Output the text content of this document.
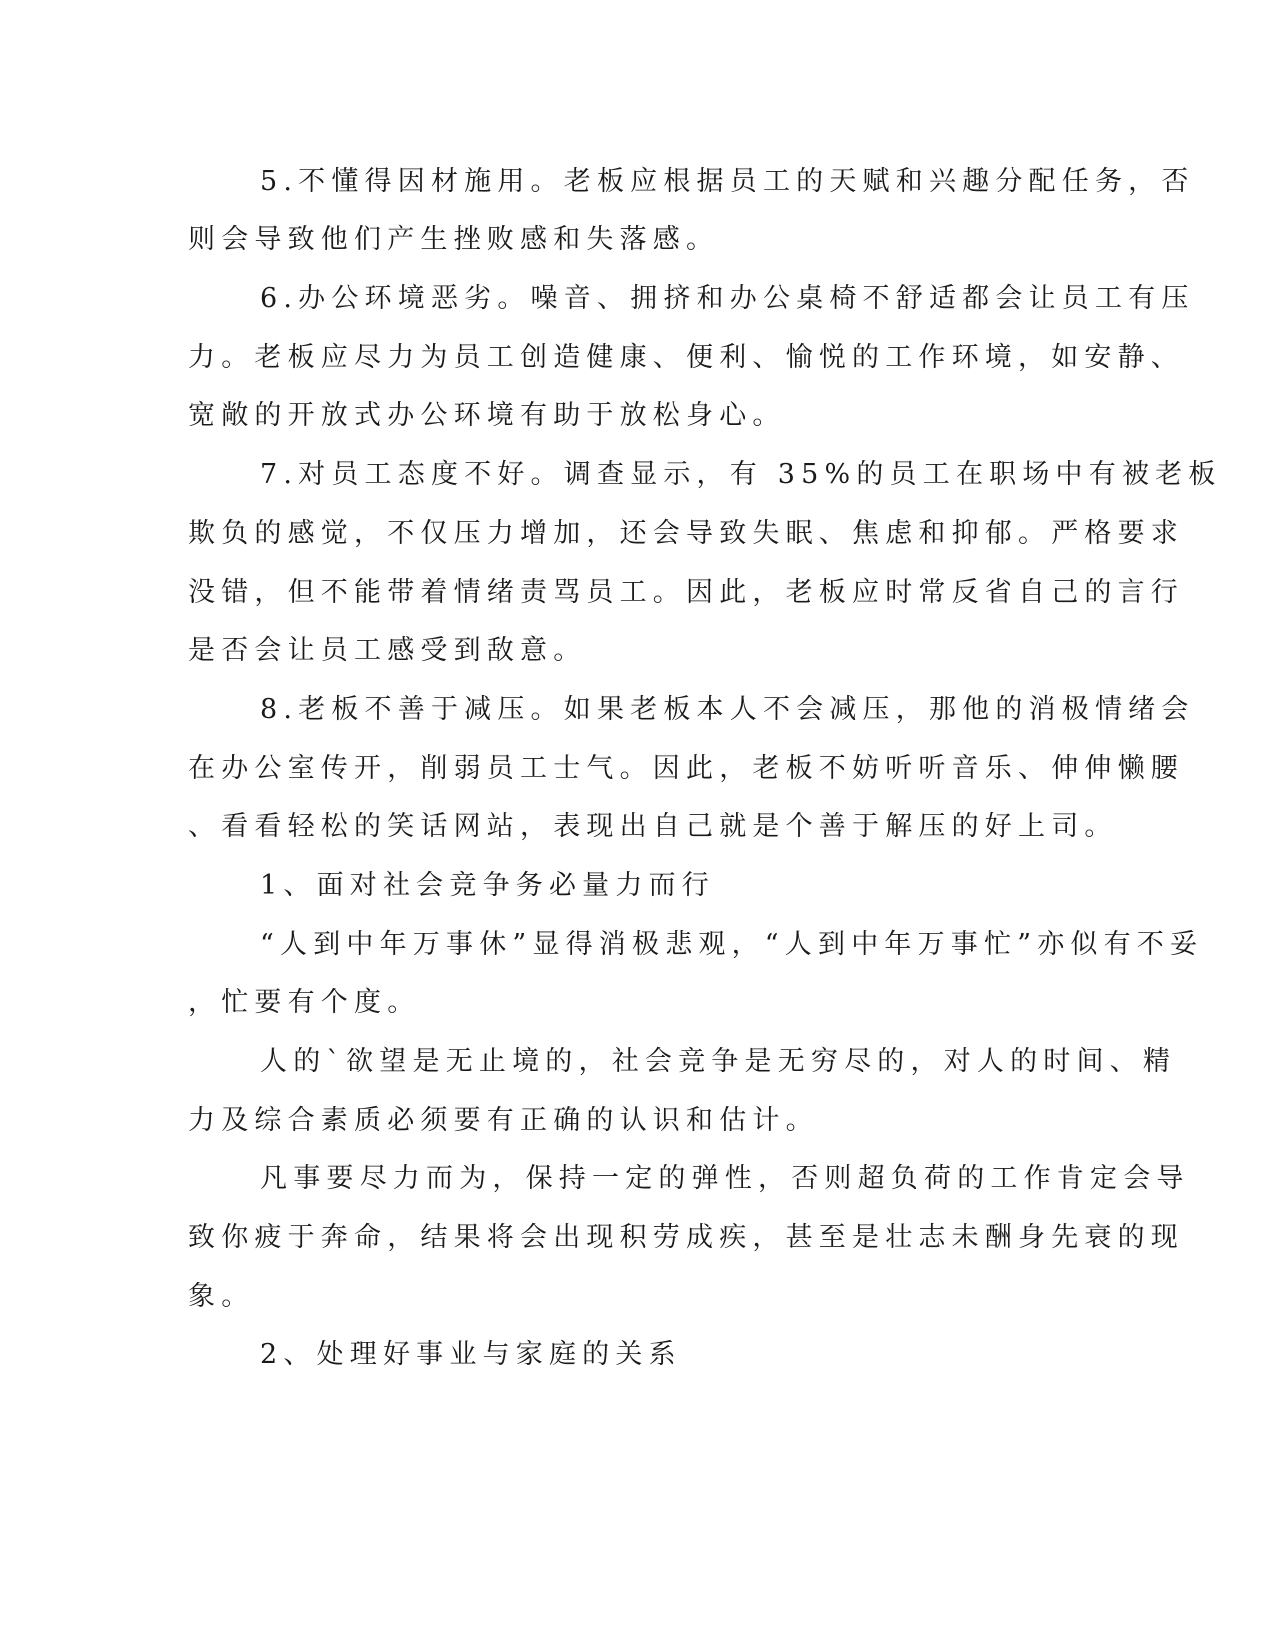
5.不懂得因材施用。老板应根据员工的天赋和兴趣分配任务，否
则会导致他们产生挫败感和失落感。
6.办公环境恶劣。噪音、拥挤和办公桌椅不舒适都会让员工有压
力。老板应尽力为员工创造健康、便利、愉悦的工作环境，如安静、
宽敞的开放式办公环境有助于放松身心。
7.对员工态度不好。调查显示，有 35%的员工在职场中有被老板
欺负的感觉，不仅压力增加，还会导致失眠、焦虑和抑郁。严格要求
没错，但不能带着情绪责骂员工。因此，老板应时常反省自己的言行
是否会让员工感受到敌意。
8.老板不善于减压。如果老板本人不会减压，那他的消极情绪会
在办公室传开，削弱员工士气。因此，老板不妨听听音乐、伸伸懒腰
、看看轻松的笑话网站，表现出自己就是个善于解压的好上司。
1、面对社会竞争务必量力而行
“人到中年万事休”显得消极悲观，“人到中年万事忙”亦似有不妥
，忙要有个度。
人的`欲望是无止境的，社会竞争是无穷尽的，对人的时间、精
力及综合素质必须要有正确的认识和估计。
凡事要尽力而为，保持一定的弹性，否则超负荷的工作肯定会导
致你疲于奔命，结果将会出现积劳成疾，甚至是壮志未酬身先衰的现
象。
2、处理好事业与家庭的关系
